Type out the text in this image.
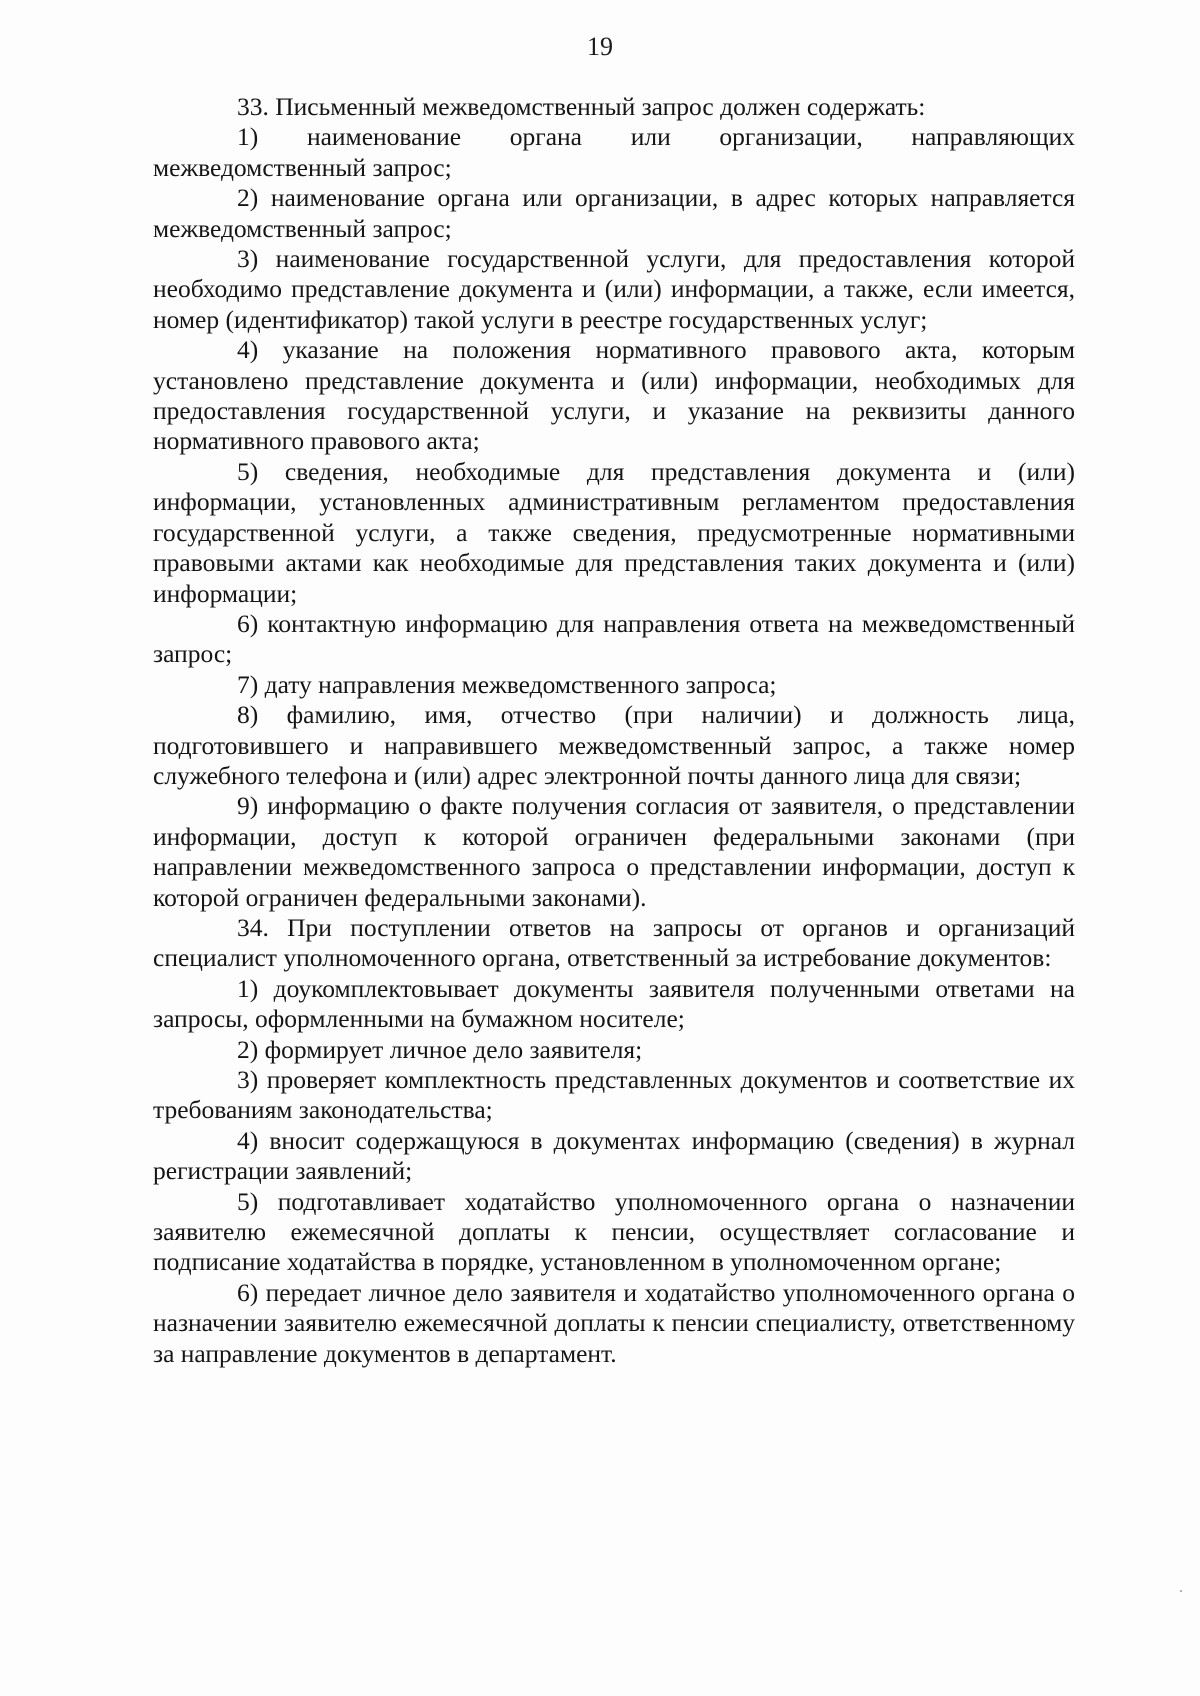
19

33. Письменный межведомственный запрос должен содержать:

1) наименование органа или организации, направляющих межведомственный запрос;

2) наименование органа или организации, в адрес которых направляется межведомственный запрос;

3) наименование государственной услуги, для предоставления которой необходимо представление документа и (или) информации, а также, если имеется, номер (идентификатор) такой услуги в реестре государственных услуг;

4) указание на положения нормативного правового акта, которым установлено представление документа и (или) информации, необходимых для предоставления государственной услуги, и указание на реквизиты данного нормативного правового акта;

5) сведения, необходимые для представления документа и (или) информации, установленных административным регламентом предоставления государственной услуги, а также сведения, предусмотренные нормативными правовыми актами как необходимые для представления таких документа и (или) информации;

6) контактную информацию для направления ответа на межведомственный запрос;

7) дату направления межведомственного запроса;

8) фамилию, имя, отчество (при наличии) и должность лица, подготовившего и направившего межведомственный запрос, а также номер служебного телефона и (или) адрес электронной почты данного лица для связи;

9) информацию о факте получения согласия от заявителя, о представлении информации, доступ к которой ограничен федеральными законами (при направлении межведомственного запроса о представлении информации, доступ к которой ограничен федеральными законами).

34. При поступлении ответов на запросы от органов и организаций специалист уполномоченного органа, ответственный за истребование документов:

1) доукомплектовывает документы заявителя полученными ответами на запросы, оформленными на бумажном носителе;

2) формирует личное дело заявителя;

3) проверяет комплектность представленных документов и соответствие их требованиям законодательства;

4) вносит содержащуюся в документах информацию (сведения) в журнал регистрации заявлений;

5) подготавливает ходатайство уполномоченного органа о назначении заявителю ежемесячной доплаты к пенсии, осуществляет согласование и подписание ходатайства в порядке, установленном в уполномоченном органе;

6) передает личное дело заявителя и ходатайство уполномоченного органа о назначении заявителю ежемесячной доплаты к пенсии специалисту, ответственному за направление документов в департамент.
